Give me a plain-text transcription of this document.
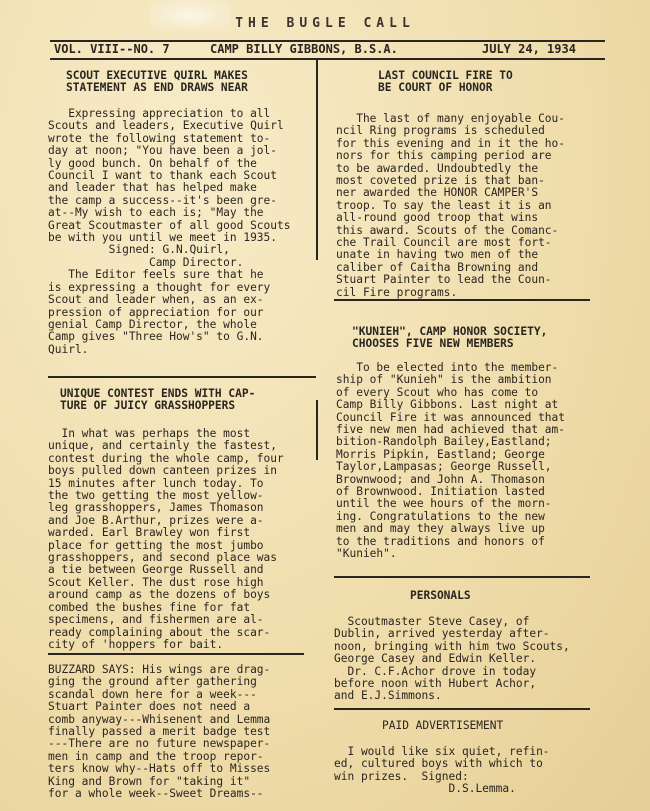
THE BUGLE CALL
VOL. VIII--NO. 7	CAMP BILLY GIBBONS, B.S.A.	JULY 24, 1934
SCOUT EXECUTIVE QUIRL MAKES
STATEMENT AS END DRAWS NEAR
Expressing appreciation to all
Scouts and leaders, Executive Quirl
wrote the following statement to-
day at noon; "You have been a jol-
ly good bunch. On behalf of the
Council I want to thank each Scout
and leader that has helped make
the camp a success--it's been gre-
at--My wish to each is; "May the
Great Scoutmaster of all good Scouts
be with you until we meet in 1935.
Signed: G.N.Quirl,
Camp Director.
The Editor feels sure that he
is expressing a thought for every
Scout and leader when, as an ex-
pression of appreciation for our
genial Camp Director, the whole
Camp gives "Three How's" to G.N.
Quirl.
UNIQUE CONTEST ENDS WITH CAP-
TURE OF JUICY GRASSHOPPERS
In what was perhaps the most
unique, and certainly the fastest,
contest during the whole camp, four
boys pulled down canteen prizes in
15 minutes after lunch today. To
the two getting the most yellow-
leg grasshoppers, James Thomason
and Joe B.Arthur, prizes were a-
warded. Earl Brawley won first
place for getting the most jumbo
grasshoppers, and second place was
a tie between George Russell and
Scout Keller. The dust rose high
around camp as the dozens of boys
combed the bushes fine for fat
specimens, and fishermen are al-
ready complaining about the scar-
city of 'hoppers for bait.
BUZZARD SAYS: His wings are drag-
ging the ground after gathering
scandal down here for a week---
Stuart Painter does not need a
comb anyway---Whisenent and Lemma
finally passed a merit badge test
---There are no future newspaper-
men in camp and the troop repor-
ters know why--Hats off to Misses
King and Brown for "taking it"
for a whole week--Sweet Dreams--
LAST COUNCIL FIRE TO
BE COURT OF HONOR
The last of many enjoyable Cou-
ncil Ring programs is scheduled
for this evening and in it the ho-
nors for this camping period are
to be awarded. Undoubtedly the
most coveted prize is that ban-
ner awarded the HONOR CAMPER'S
troop. To say the least it is an
all-round good troop that wins
this award. Scouts of the Comanc-
che Trail Council are most fort-
unate in having two men of the
caliber of Caitha Browning and
Stuart Painter to lead the Coun-
cil Fire programs.
"KUNIEH", CAMP HONOR SOCIETY,
CHOOSES FIVE NEW MEMBERS
To be elected into the member-
ship of "Kunieh" is the ambition
of every Scout who has come to
Camp Billy Gibbons. Last night at
Council Fire it was announced that
five new men had achieved that am-
bition-Randolph Bailey,Eastland;
Morris Pipkin, Eastland; George
Taylor,Lampasas; George Russell,
Brownwood; and John A. Thomason
of Brownwood. Initiation lasted
until the wee hours of the morn-
ing. Congratulations to the new
men and may they always live up
to the traditions and honors of
"Kunieh".
PERSONALS
Scoutmaster Steve Casey, of
Dublin, arrived yesterday after-
noon, bringing with him two Scouts,
George Casey and Edwin Keller.
Dr. C.F.Achor drove in today
before noon with Hubert Achor,
and E.J.Simmons.
PAID ADVERTISEMENT
I would like six quiet, refin-
ed, cultured boys with which to
win prizes.  Signed:
D.S.Lemma.
